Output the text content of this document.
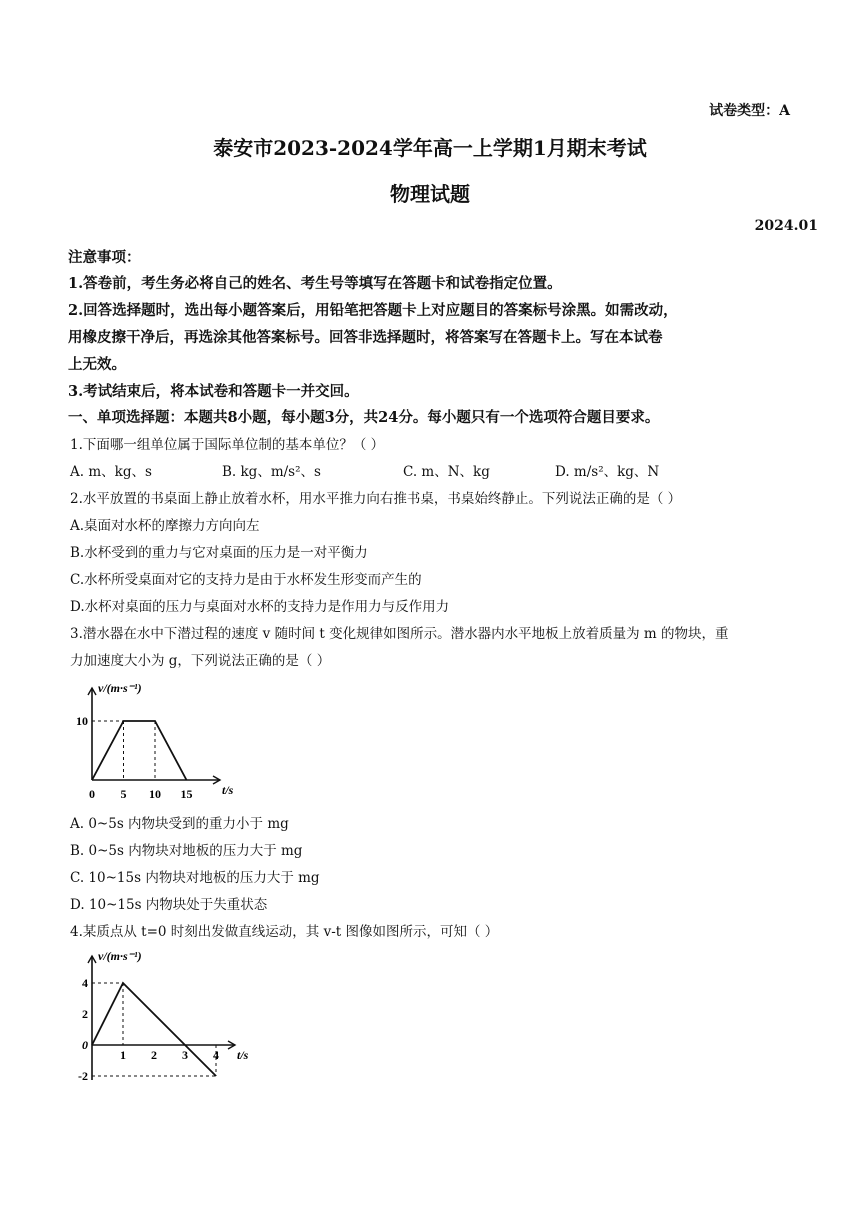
试卷类型：A
泰安市2023-2024学年高一上学期1月期末考试
物理试题
2024.01
注意事项：
1.答卷前，考生务必将自己的姓名、考生号等填写在答题卡和试卷指定位置。
2.回答选择题时，选出每小题答案后，用铅笔把答题卡上对应题目的答案标号涂黑。如需改动，
用橡皮擦干净后，再选涂其他答案标号。回答非选择题时，将答案写在答题卡上。写在本试卷
上无效。
3.考试结束后，将本试卷和答题卡一并交回。
一、单项选择题：本题共8小题，每小题3分，共24分。每小题只有一个选项符合题目要求。
1.下面哪一组单位属于国际单位制的基本单位？（ ）
A. m、kg、s	B. kg、m/s²、s	C. m、N、kg	D. m/s²、kg、N
2.水平放置的书桌面上静止放着水杯，用水平推力向右推书桌，书桌始终静止。下列说法正确的是（ ）
A.桌面对水杯的摩擦力方向向左
B.水杯受到的重力与它对桌面的压力是一对平衡力
C.水杯所受桌面对它的支持力是由于水杯发生形变而产生的
D.水杯对桌面的压力与桌面对水杯的支持力是作用力与反作用力
3.潜水器在水中下潜过程的速度 v 随时间 t 变化规律如图所示。潜水器内水平地板上放着质量为 m 的物块，重
力加速度大小为 g，下列说法正确的是（ ）
v/(m·s⁻¹)
t/s
0 5 10 15
10
A. 0~5s 内物块受到的重力小于 mg
B. 0~5s 内物块对地板的压力大于 mg
C. 10~15s 内物块对地板的压力大于 mg
D. 10~15s 内物块处于失重状态
4.某质点从 t=0 时刻出发做直线运动，其 v-t 图像如图所示，可知（ ）
v/(m·s⁻¹)
t/s
1 2 3 4
4
2
0
-2
